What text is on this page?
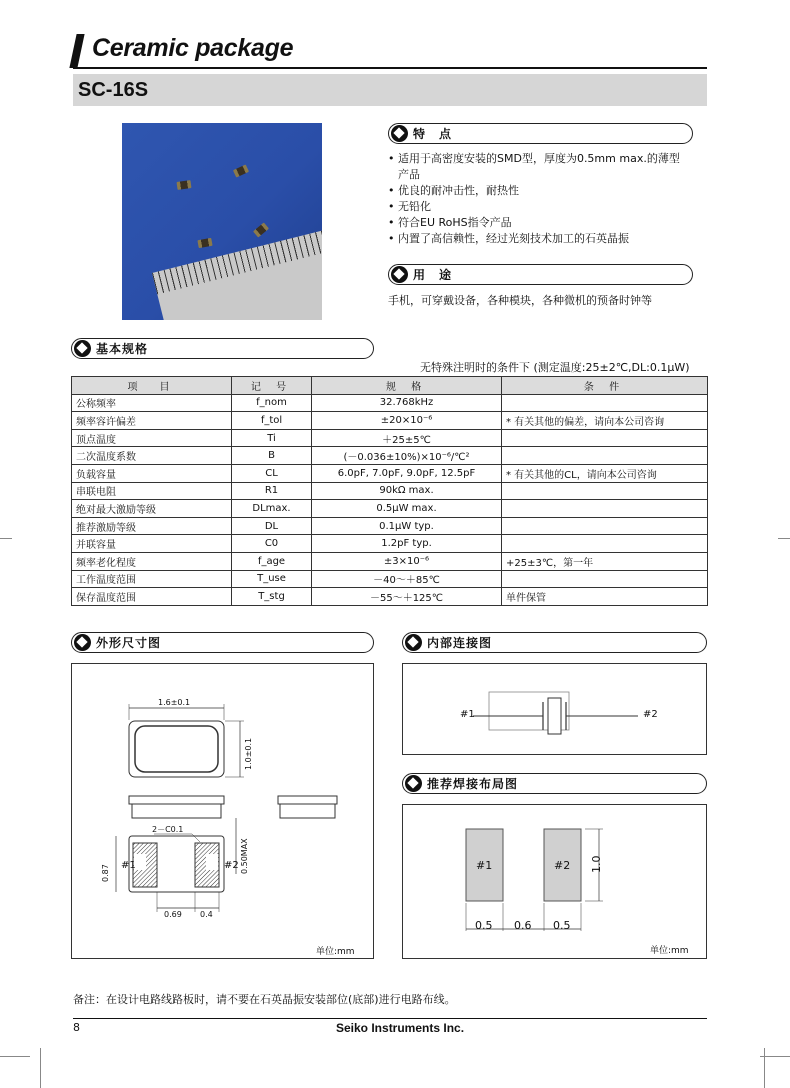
Ceramic package
SC-16S
特　点
• 适用于高密度安装的SMD型，厚度为0.5mm max.的薄型
产品
• 优良的耐冲击性，耐热性
• 无铅化
• 符合EU RoHS指令产品
• 内置了高信赖性，经过光刻技术加工的石英晶振
用　途
手机，可穿戴设备，各种模块，各种微机的预备时钟等
基本规格
无特殊注明时的条件下 (测定温度:25±2℃,DL:0.1μW)
项　目	记 号	规 格	条 件
公称频率	f_nom	32.768kHz	
频率容许偏差	f_tol	±20×10⁻⁶	* 有关其他的偏差，请向本公司咨询
顶点温度	Ti	＋25±5℃	
二次温度系数	B	(－0.036±10%)×10⁻⁶/℃²	
负载容量	CL	6.0pF, 7.0pF, 9.0pF, 12.5pF	* 有关其他的CL，请向本公司咨询
串联电阻	R1	90kΩ max.	
绝对最大激励等级	DLmax.	0.5μW max.	
推荐激励等级	DL	0.1μW typ.	
并联容量	C0	1.2pF typ.	
频率老化程度	f_age	±3×10⁻⁶	+25±3℃，第一年
工作温度范围	T_use	－40～＋85℃	
保存温度范围	T_stg	－55～＋125℃	单件保管
外形尺寸图
1.6±0.1
1.0±0.1
2－C0.1
0.87	0.50MAX
#1	#2
0.69 0.4
单位:mm
内部连接图
#1	#2
推荐焊接布局图
#1	#2
0.5 0.6 0.5
1.0
单位:mm
备注：在设计电路线路板时，请不要在石英晶振安装部位(底部)进行电路布线。
8	Seiko Instruments Inc.
